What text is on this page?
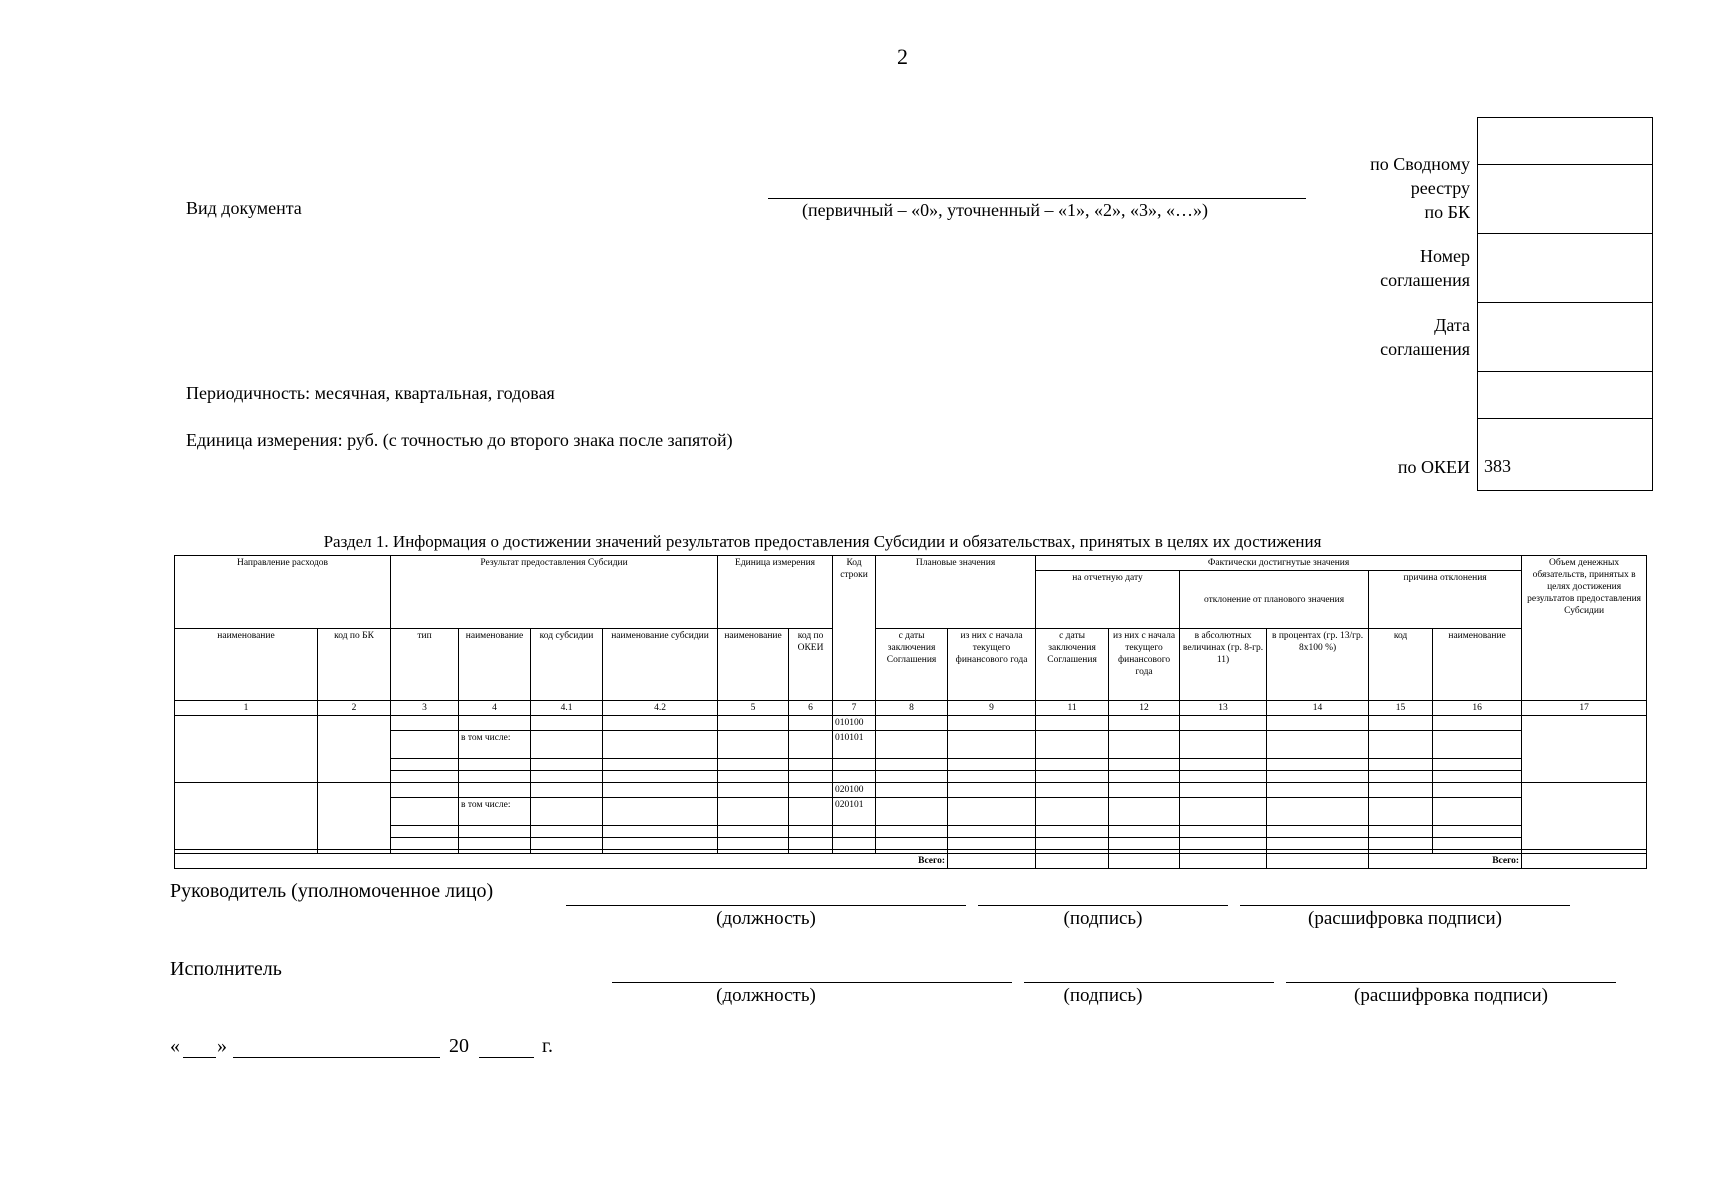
2
Вид документа	(первичный – «0», уточненный – «1», «2», «3», «…»)
Периодичность: месячная, квартальная, годовая
Единица измерения: руб. (с точностью до второго знака после запятой)
по Сводному
реестру
по БК
Номер
соглашения
Дата
соглашения
по ОКЕИ 383
Раздел 1. Информация о достижении значений результатов предоставления Субсидии и обязательствах, принятых в целях их достижения
Направление расходов		Результат предоставления Субсидии				Единица измерения		Код строки	Плановые значения		Фактически достигнутые значения						Объем денежных обязательств, принятых в целях достижения результатов предоставления Субсидии
											на отчетную дату		отклонение от планового значения		причина отклонения		
наименование	код по БК	тип	наименование	код субсидии	наименование субсидии	наименование	код по ОКЕИ		с даты заключения Соглашения	из них с начала текущего финансового года	с даты заключения Соглашения	из них с начала текущего финансового года	в абсолютных величинах (гр. 8-гр. 11)	в процентах (гр. 13/гр. 8х100 %)	код	наименование	
1	2	3	4	4.1	4.2	5	6	7	8	9	11	12	13	14	15	16	17
								010100									
			в том числе:					010101									

								020100									
			в том числе:					020101									

Всего:															Всего:		
Руководитель (уполномоченное лицо)
(должность)	(подпись)	(расшифровка подписи)
Исполнитель
(должность)	(подпись)	(расшифровка подписи)
« »	20	г.
